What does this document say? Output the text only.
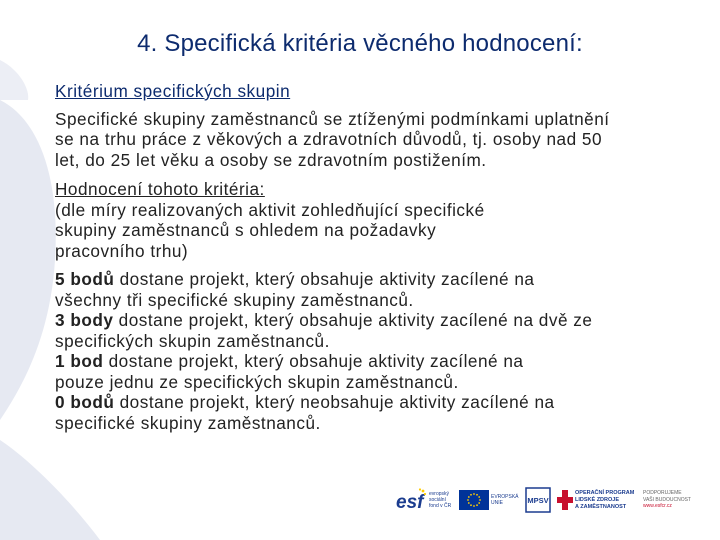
4. Specifická kritéria věcného hodnocení:

Kritérium specifických skupin

Specifické skupiny zaměstnanců se ztíženými podmínkami uplatnění

se na trhu práce z věkových a zdravotních důvodů, tj. osoby nad 50

let, do 25 let věku a osoby se zdravotním postižením.

Hodnocení tohoto kritéria:

(dle míry realizovaných aktivit zohledňující specifické

skupiny zaměstnanců s ohledem na požadavky

pracovního trhu)

5 bodů dostane projekt, který obsahuje aktivity zacílené na

všechny tři specifické skupiny zaměstnanců.

3 body dostane projekt, který obsahuje aktivity zacílené na dvě ze

specifických skupin zaměstnanců.

1 bod dostane projekt, který obsahuje aktivity zacílené na

pouze jednu ze specifických skupin zaměstnanců.

0 bodů dostane projekt, který neobsahuje aktivity zacílené na

specifické skupiny zaměstnanců.

esf	evropský
sociální
fond v ČR
EVROPSKÁ UNIE	MPSV
OPERAČNÍ PROGRAM
LIDSKÉ ZDROJE
A ZAMĚSTNANOST
PODPORUJEME
VAŠI BUDOUCNOST
www.esfcr.cz
